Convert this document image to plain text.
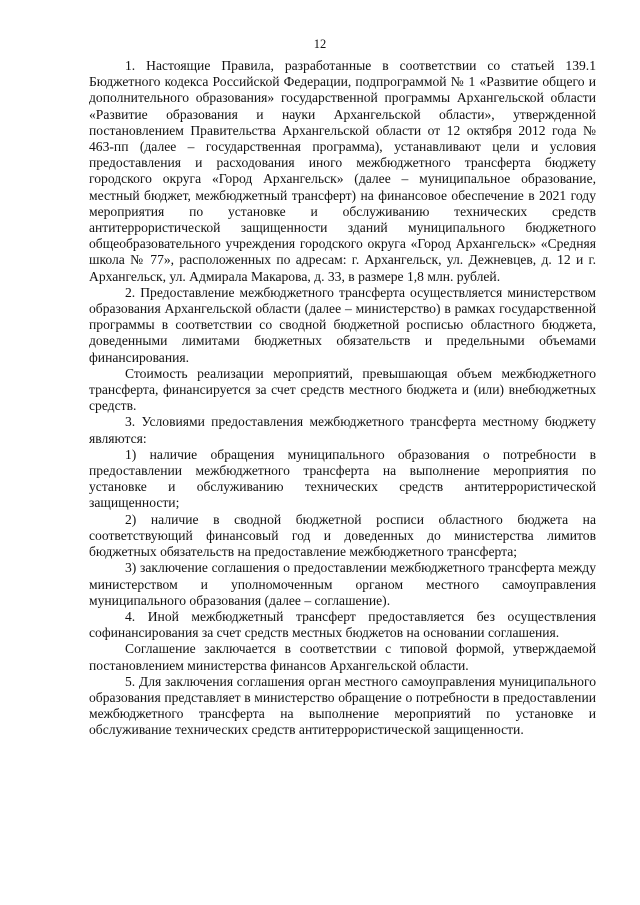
12

1. Настоящие Правила, разработанные в соответствии со статьей 139.1 Бюджетного кодекса Российской Федерации, подпрограммой № 1 «Развитие общего и дополнительного образования» государственной программы Архангельской области «Развитие образования и науки Архангельской области», утвержденной постановлением Правительства Архангельской области от 12 октября 2012 года № 463-пп (далее – государственная программа), устанавливают цели и условия предоставления и расходования иного межбюджетного трансферта бюджету городского округа «Город Архангельск» (далее – муниципальное образование, местный бюджет, межбюджетный трансферт) на финансовое обеспечение в 2021 году мероприятия по установке и обслуживанию технических средств антитеррористической защищенности зданий муниципального бюджетного общеобразовательного учреждения городского округа «Город Архангельск» «Средняя школа № 77», расположенных по адресам: г. Архангельск, ул. Дежневцев, д. 12 и г. Архангельск, ул. Адмирала Макарова, д. 33, в размере 1,8 млн. рублей.

2. Предоставление межбюджетного трансферта осуществляется министерством образования Архангельской области (далее – министерство) в рамках государственной программы в соответствии со сводной бюджетной росписью областного бюджета, доведенными лимитами бюджетных обязательств и предельными объемами финансирования.

Стоимость реализации мероприятий, превышающая объем межбюджетного трансферта, финансируется за счет средств местного бюджета и (или) внебюджетных средств.

3. Условиями предоставления межбюджетного трансферта местному бюджету являются:

1) наличие обращения муниципального образования о потребности в предоставлении межбюджетного трансферта на выполнение мероприятия по установке и обслуживанию технических средств антитеррористической защищенности;

2) наличие в сводной бюджетной росписи областного бюджета на соответствующий финансовый год и доведенных до министерства лимитов бюджетных обязательств на предоставление межбюджетного трансферта;

3) заключение соглашения о предоставлении межбюджетного трансферта между министерством и уполномоченным органом местного самоуправления муниципального образования (далее – соглашение).

4. Иной межбюджетный трансферт предоставляется без осуществления софинансирования за счет средств местных бюджетов на основании соглашения.

Соглашение заключается в соответствии с типовой формой, утверждаемой постановлением министерства финансов Архангельской области.

5. Для заключения соглашения орган местного самоуправления муниципального образования представляет в министерство обращение о потребности в предоставлении межбюджетного трансферта на выполнение мероприятий по установке и обслуживание технических средств антитеррористической защищенности.
